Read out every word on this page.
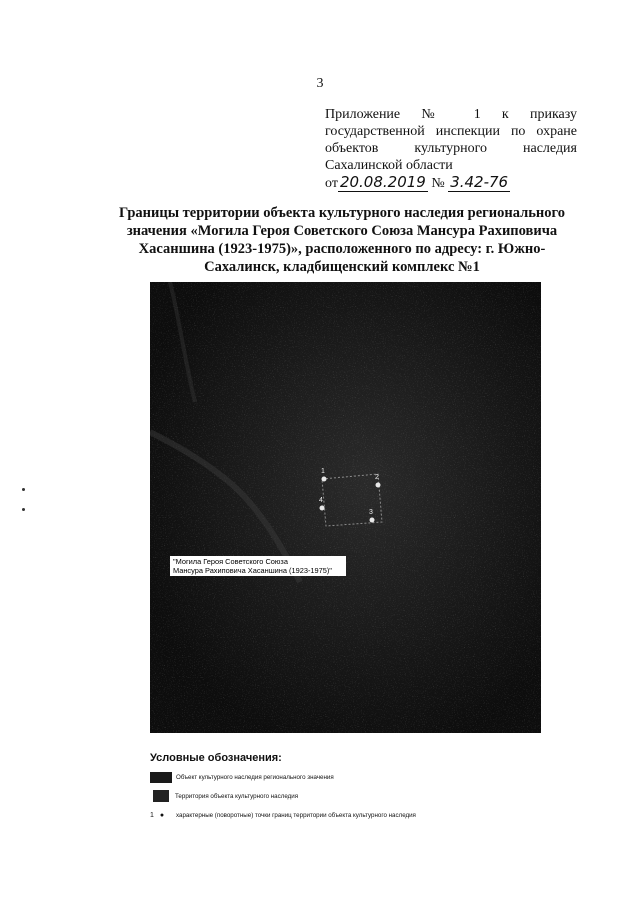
3
Приложение № 1 к приказу
государственной инспекции по охране
объектов культурного наследия
Сахалинской области
от 20.08.2019 № 3.42-76
Границы территории объекта культурного наследия регионального значения «Могила Героя Советского Союза Мансура Рахиповича Хасаншина (1923-1975)», расположенного по адресу: г. Южно-Сахалинск, кладбищенский комплекс №1
1
2
3
4
"Могила Героя Советского Союза
Мансура Рахиповича Хасаншина (1923-1975)"
Условные обозначения:
Объект культурного наследия регионального значения
Территория объекта культурного наследия
1 ● характерные (поворотные) точки границ территории объекта культурного наследия
